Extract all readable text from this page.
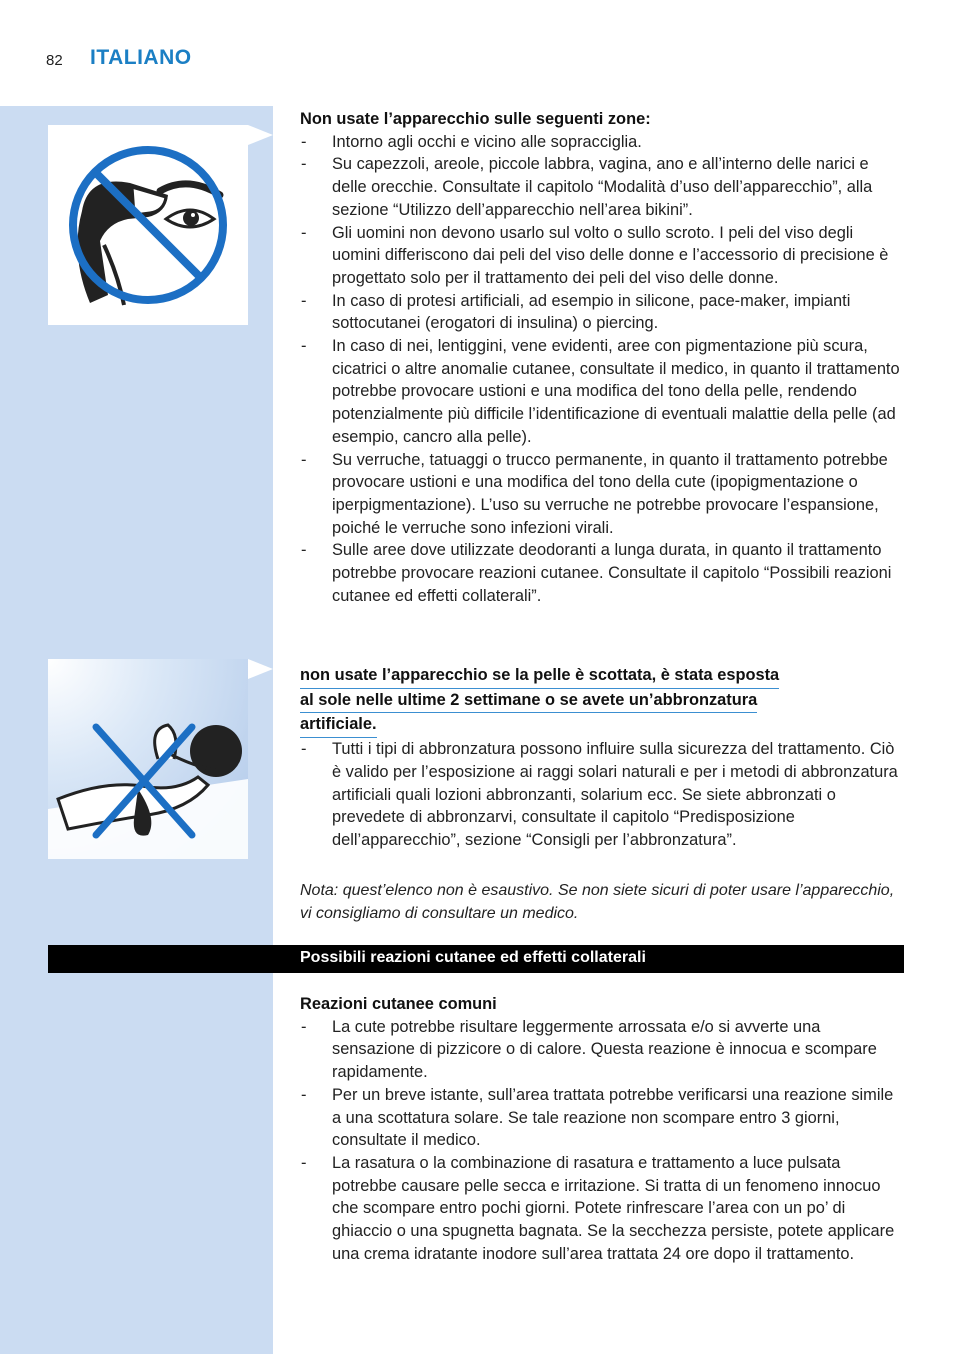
82 ITALIANO
Non usate l’apparecchio sulle seguenti zone:
- Intorno agli occhi e vicino alle sopracciglia.
- Su capezzoli, areole, piccole labbra, vagina, ano e all’interno delle narici e delle orecchie. Consultate il capitolo “Modalità d’uso dell’apparecchio”, alla sezione “Utilizzo dell’apparecchio nell’area bikini”.
- Gli uomini non devono usarlo sul volto o sullo scroto. I peli del viso degli uomini differiscono dai peli del viso delle donne e l’accessorio di precisione è progettato solo per il trattamento dei peli del viso delle donne.
- In caso di protesi artificiali, ad esempio in silicone, pace-maker, impianti sottocutanei (erogatori di insulina) o piercing.
- In caso di nei, lentiggini, vene evidenti, aree con pigmentazione più scura, cicatrici o altre anomalie cutanee, consultate il medico, in quanto il trattamento potrebbe provocare ustioni e una modifica del tono della pelle, rendendo potenzialmente più difficile l’identificazione di eventuali malattie della pelle (ad esempio, cancro alla pelle).
- Su verruche, tatuaggi o trucco permanente, in quanto il trattamento potrebbe provocare ustioni e una modifica del tono della cute (ipopigmentazione o iperpigmentazione). L’uso su verruche ne potrebbe provocare l’espansione, poiché le verruche sono infezioni virali.
- Sulle aree dove utilizzate deodoranti a lunga durata, in quanto il trattamento potrebbe provocare reazioni cutanee. Consultate il capitolo “Possibili reazioni cutanee ed effetti collaterali”.
non usate l’apparecchio se la pelle è scottata, è stata esposta
al sole nelle ultime 2 settimane o se avete un’abbronzatura
artificiale.
- Tutti i tipi di abbronzatura possono influire sulla sicurezza del trattamento. Ciò è valido per l’esposizione ai raggi solari naturali e per i metodi di abbronzatura artificiali quali lozioni abbronzanti, solarium ecc. Se siete abbronzati o prevedete di abbronzarvi, consultate il capitolo “Predisposizione dell’apparecchio”, sezione “Consigli per l’abbronzatura”.
Nota: quest’elenco non è esaustivo. Se non siete sicuri di poter usare l’apparecchio, vi consigliamo di consultare un medico.
Possibili reazioni cutanee ed effetti collaterali
Reazioni cutanee comuni
- La cute potrebbe risultare leggermente arrossata e/o si avverte una sensazione di pizzicore o di calore. Questa reazione è innocua e scompare rapidamente.
- Per un breve istante, sull’area trattata potrebbe verificarsi una reazione simile a una scottatura solare. Se tale reazione non scompare entro 3 giorni, consultate il medico.
- La rasatura o la combinazione di rasatura e trattamento a luce pulsata potrebbe causare pelle secca e irritazione. Si tratta di un fenomeno innocuo che scompare entro pochi giorni. Potete rinfrescare l’area con un po’ di ghiaccio o una spugnetta bagnata. Se la secchezza persiste, potete applicare una crema idratante inodore sull’area trattata 24 ore dopo il trattamento.
